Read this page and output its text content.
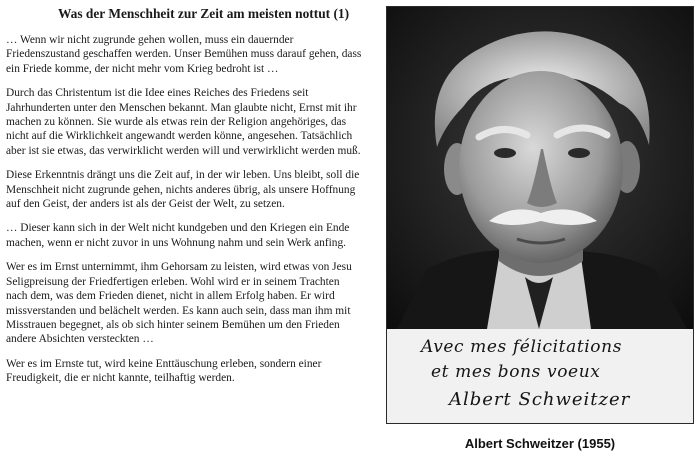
Was der Menschheit zur Zeit am meisten nottut (1)

… Wenn wir nicht zugrunde gehen wollen, muss ein dauernder Friedenszustand geschaffen werden. Unser Bemühen muss darauf gehen, dass ein Friede komme, der nicht mehr vom Krieg bedroht ist …

Durch das Christentum ist die Idee eines Reiches des Friedens seit Jahrhunderten unter den Menschen bekannt. Man glaubte nicht, Ernst mit ihr machen zu können. Sie wurde als etwas rein der Religion angehöriges, das nicht auf die Wirklichkeit angewandt werden könne, angesehen. Tatsächlich aber ist sie etwas, das verwirklicht werden will und verwirklicht werden muß.

Diese Erkenntnis drängt uns die Zeit auf, in der wir leben. Uns bleibt, soll die Menschheit nicht zugrunde gehen, nichts anderes übrig, als unsere Hoffnung auf den Geist, der anders ist als der Geist der Welt, zu setzen.

… Dieser kann sich in der Welt nicht kundgeben und den Kriegen ein Ende machen, wenn er nicht zuvor in uns Wohnung nahm und sein Werk anfing.

Wer es im Ernst unternimmt, ihm Gehorsam zu leisten, wird etwas von Jesu Seligpreisung der Friedfertigen erleben. Wohl wird er in seinem Trachten nach dem, was dem Frieden dienet, nicht in allem Erfolg haben. Er wird missverstanden und belächelt werden. Es kann auch sein, dass man ihm mit Misstrauen begegnet, als ob sich hinter seinem Bemühen um den Frieden andere Absichten versteckten …

Wer es im Ernste tut, wird keine Enttäuschung erleben, sondern einer Freudigkeit, die er nicht kannte, teilhaftig werden.

Avec mes félicitations
et mes bons voeux
Albert Schweitzer
Albert Schweitzer (1955)
